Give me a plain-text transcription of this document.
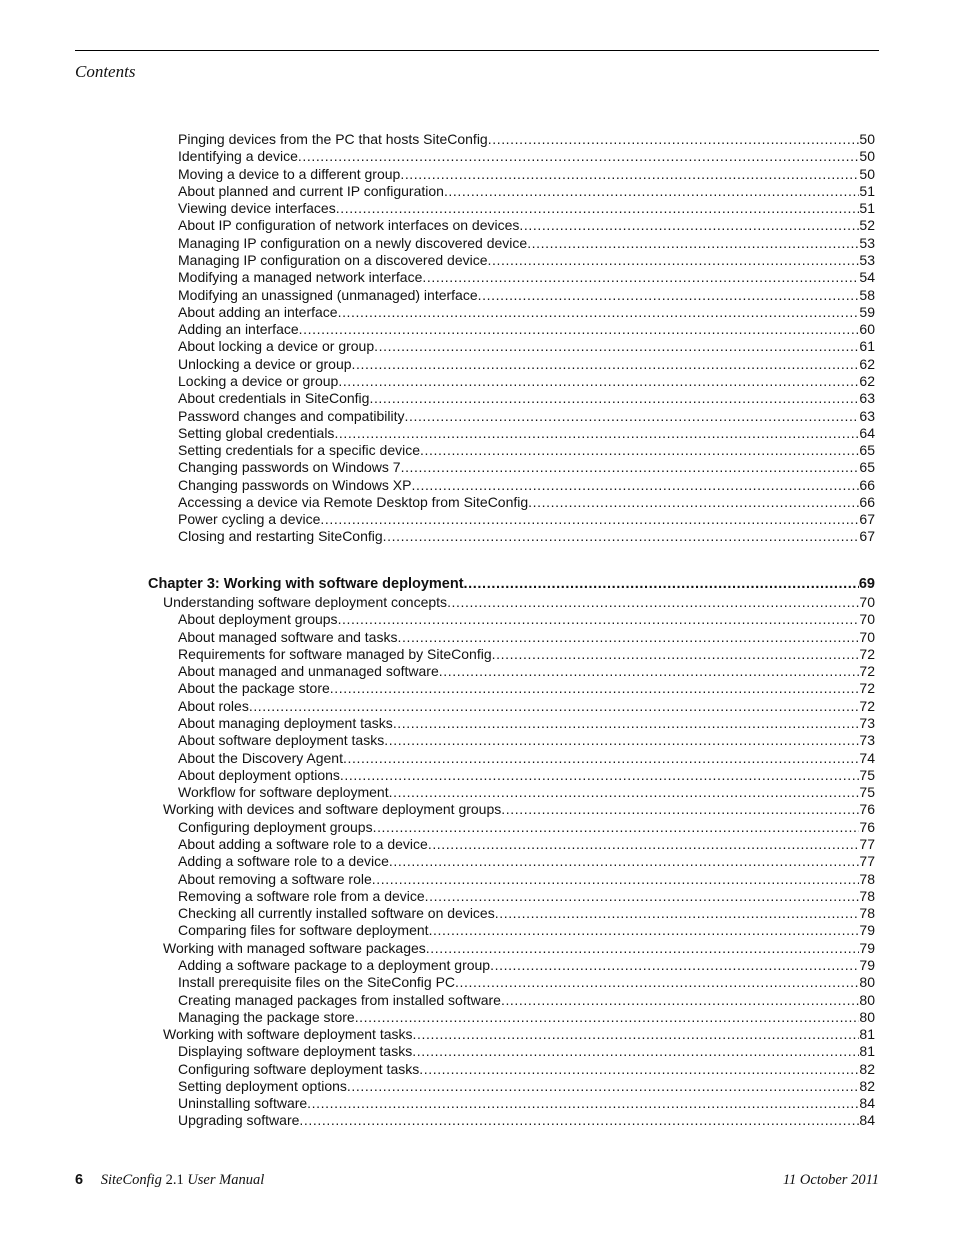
Contents
Pinging devices from the PC that hosts SiteConfig .....	50
Identifying a device .....	50
Moving a device to a different group .....	50
About planned and current IP configuration .....	51
Viewing device interfaces .....	51
About IP configuration of network interfaces on devices .....	52
Managing IP configuration on a newly discovered device .....	53
Managing IP configuration on a discovered device .....	53
Modifying a managed network interface .....	54
Modifying an unassigned (unmanaged) interface .....	58
About adding an interface .....	59
Adding an interface .....	60
About locking a device or group .....	61
Unlocking a device or group .....	62
Locking a device or group .....	62
About credentials in SiteConfig .....	63
Password changes and compatibility .....	63
Setting global credentials .....	64
Setting credentials for a specific device .....	65
Changing passwords on Windows 7 .....	65
Changing passwords on Windows XP .....	66
Accessing a device via Remote Desktop from SiteConfig .....	66
Power cycling a device .....	67
Closing and restarting SiteConfig .....	67
Chapter 3: Working with software deployment .....	69
Understanding software deployment concepts .....	70
About deployment groups .....	70
About managed software and tasks .....	70
Requirements for software managed by SiteConfig .....	72
About managed and unmanaged software .....	72
About the package store .....	72
About roles .....	72
About managing deployment tasks .....	73
About software deployment tasks .....	73
About the Discovery Agent .....	74
About deployment options .....	75
Workflow for software deployment .....	75
Working with devices and software deployment groups .....	76
Configuring deployment groups .....	76
About adding a software role to a device .....	77
Adding a software role to a device .....	77
About removing a software role .....	78
Removing a software role from a device .....	78
Checking all currently installed software on devices .....	78
Comparing files for software deployment .....	79
Working with managed software packages .....	79
Adding a software package to a deployment group .....	79
Install prerequisite files on the SiteConfig PC .....	80
Creating managed packages from installed software .....	80
Managing the package store .....	80
Working with software deployment tasks .....	81
Displaying software deployment tasks .....	81
Configuring software deployment tasks .....	82
Setting deployment options .....	82
Uninstalling software .....	84
Upgrading software .....	84
6 SiteConfig 2.1 User Manual	11 October 2011
